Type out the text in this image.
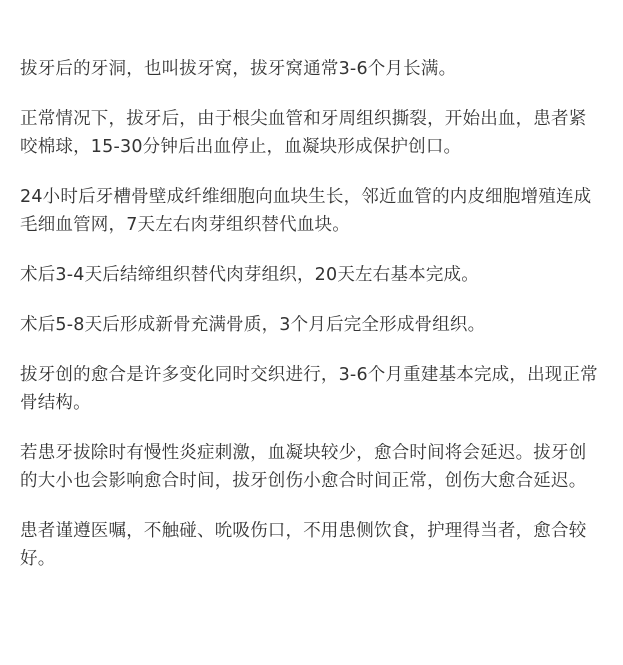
拔牙后的牙洞，也叫拔牙窝，拔牙窝通常3-6个月长满。

正常情况下，拔牙后，由于根尖血管和牙周组织撕裂，开始出血，患者紧咬棉球，15-30分钟后出血停止，血凝块形成保护创口。

24小时后牙槽骨壁成纤维细胞向血块生长，邻近血管的内皮细胞增殖连成毛细血管网，7天左右肉芽组织替代血块。

术后3-4天后结缔组织替代肉芽组织，20天左右基本完成。

术后5-8天后形成新骨充满骨质，3个月后完全形成骨组织。

拔牙创的愈合是许多变化同时交织进行，3-6个月重建基本完成，出现正常骨结构。

若患牙拔除时有慢性炎症刺激，血凝块较少，愈合时间将会延迟。拔牙创的大小也会影响愈合时间，拔牙创伤小愈合时间正常，创伤大愈合延迟。

患者谨遵医嘱，不触碰、吮吸伤口，不用患侧饮食，护理得当者，愈合较好。
